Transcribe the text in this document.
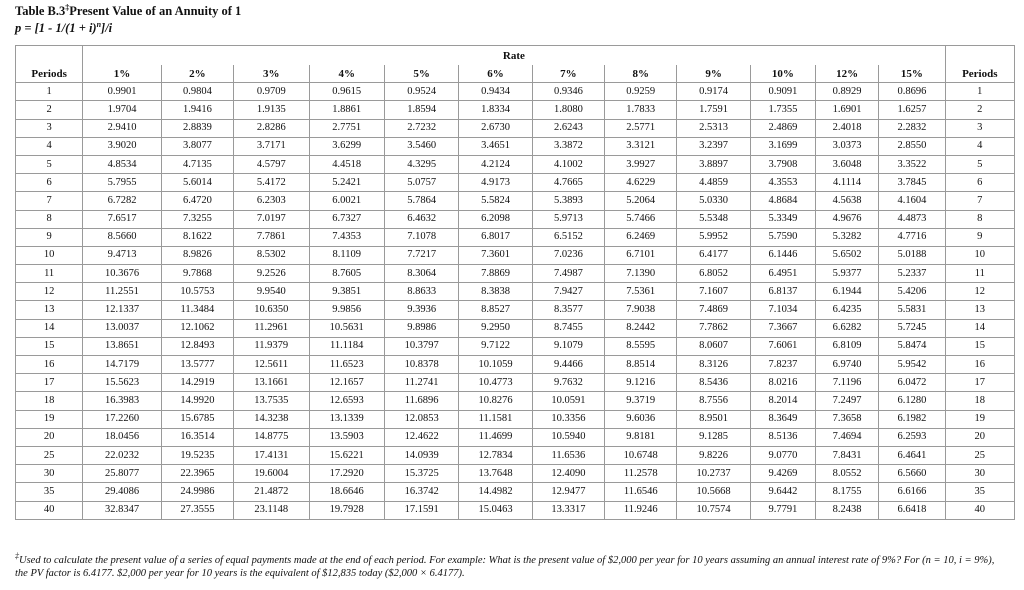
Table B.3‡Present Value of an Annuity of 1
$p = [1 - 1/(1 + i)^n]/i$
	Rate												
Periods	1%	2%	3%	4%	5%	6%	7%	8%	9%	10%	12%	15%	Periods
1	0.9901	0.9804	0.9709	0.9615	0.9524	0.9434	0.9346	0.9259	0.9174	0.9091	0.8929	0.8696	1
2	1.9704	1.9416	1.9135	1.8861	1.8594	1.8334	1.8080	1.7833	1.7591	1.7355	1.6901	1.6257	2
3	2.9410	2.8839	2.8286	2.7751	2.7232	2.6730	2.6243	2.5771	2.5313	2.4869	2.4018	2.2832	3
4	3.9020	3.8077	3.7171	3.6299	3.5460	3.4651	3.3872	3.3121	3.2397	3.1699	3.0373	2.8550	4
5	4.8534	4.7135	4.5797	4.4518	4.3295	4.2124	4.1002	3.9927	3.8897	3.7908	3.6048	3.3522	5
6	5.7955	5.6014	5.4172	5.2421	5.0757	4.9173	4.7665	4.6229	4.4859	4.3553	4.1114	3.7845	6
7	6.7282	6.4720	6.2303	6.0021	5.7864	5.5824	5.3893	5.2064	5.0330	4.8684	4.5638	4.1604	7
8	7.6517	7.3255	7.0197	6.7327	6.4632	6.2098	5.9713	5.7466	5.5348	5.3349	4.9676	4.4873	8
9	8.5660	8.1622	7.7861	7.4353	7.1078	6.8017	6.5152	6.2469	5.9952	5.7590	5.3282	4.7716	9
10	9.4713	8.9826	8.5302	8.1109	7.7217	7.3601	7.0236	6.7101	6.4177	6.1446	5.6502	5.0188	10
11	10.3676	9.7868	9.2526	8.7605	8.3064	7.8869	7.4987	7.1390	6.8052	6.4951	5.9377	5.2337	11
12	11.2551	10.5753	9.9540	9.3851	8.8633	8.3838	7.9427	7.5361	7.1607	6.8137	6.1944	5.4206	12
13	12.1337	11.3484	10.6350	9.9856	9.3936	8.8527	8.3577	7.9038	7.4869	7.1034	6.4235	5.5831	13
14	13.0037	12.1062	11.2961	10.5631	9.8986	9.2950	8.7455	8.2442	7.7862	7.3667	6.6282	5.7245	14
15	13.8651	12.8493	11.9379	11.1184	10.3797	9.7122	9.1079	8.5595	8.0607	7.6061	6.8109	5.8474	15
16	14.7179	13.5777	12.5611	11.6523	10.8378	10.1059	9.4466	8.8514	8.3126	7.8237	6.9740	5.9542	16
17	15.5623	14.2919	13.1661	12.1657	11.2741	10.4773	9.7632	9.1216	8.5436	8.0216	7.1196	6.0472	17
18	16.3983	14.9920	13.7535	12.6593	11.6896	10.8276	10.0591	9.3719	8.7556	8.2014	7.2497	6.1280	18
19	17.2260	15.6785	14.3238	13.1339	12.0853	11.1581	10.3356	9.6036	8.9501	8.3649	7.3658	6.1982	19
20	18.0456	16.3514	14.8775	13.5903	12.4622	11.4699	10.5940	9.8181	9.1285	8.5136	7.4694	6.2593	20
25	22.0232	19.5235	17.4131	15.6221	14.0939	12.7834	11.6536	10.6748	9.8226	9.0770	7.8431	6.4641	25
30	25.8077	22.3965	19.6004	17.2920	15.3725	13.7648	12.4090	11.2578	10.2737	9.4269	8.0552	6.5660	30
35	29.4086	24.9986	21.4872	18.6646	16.3742	14.4982	12.9477	11.6546	10.5668	9.6442	8.1755	6.6166	35
40	32.8347	27.3555	23.1148	19.7928	17.1591	15.0463	13.3317	11.9246	10.7574	9.7791	8.2438	6.6418	40
‡Used to calculate the present value of a series of equal payments made at the end of each period. For example: What is the present value of $2,000 per year for 10 years assuming an annual interest rate of 9%? For (n = 10, i = 9%), the PV factor is 6.4177. $2,000 per year for 10 years is the equivalent of $12,835 today ($2,000 × 6.4177).
